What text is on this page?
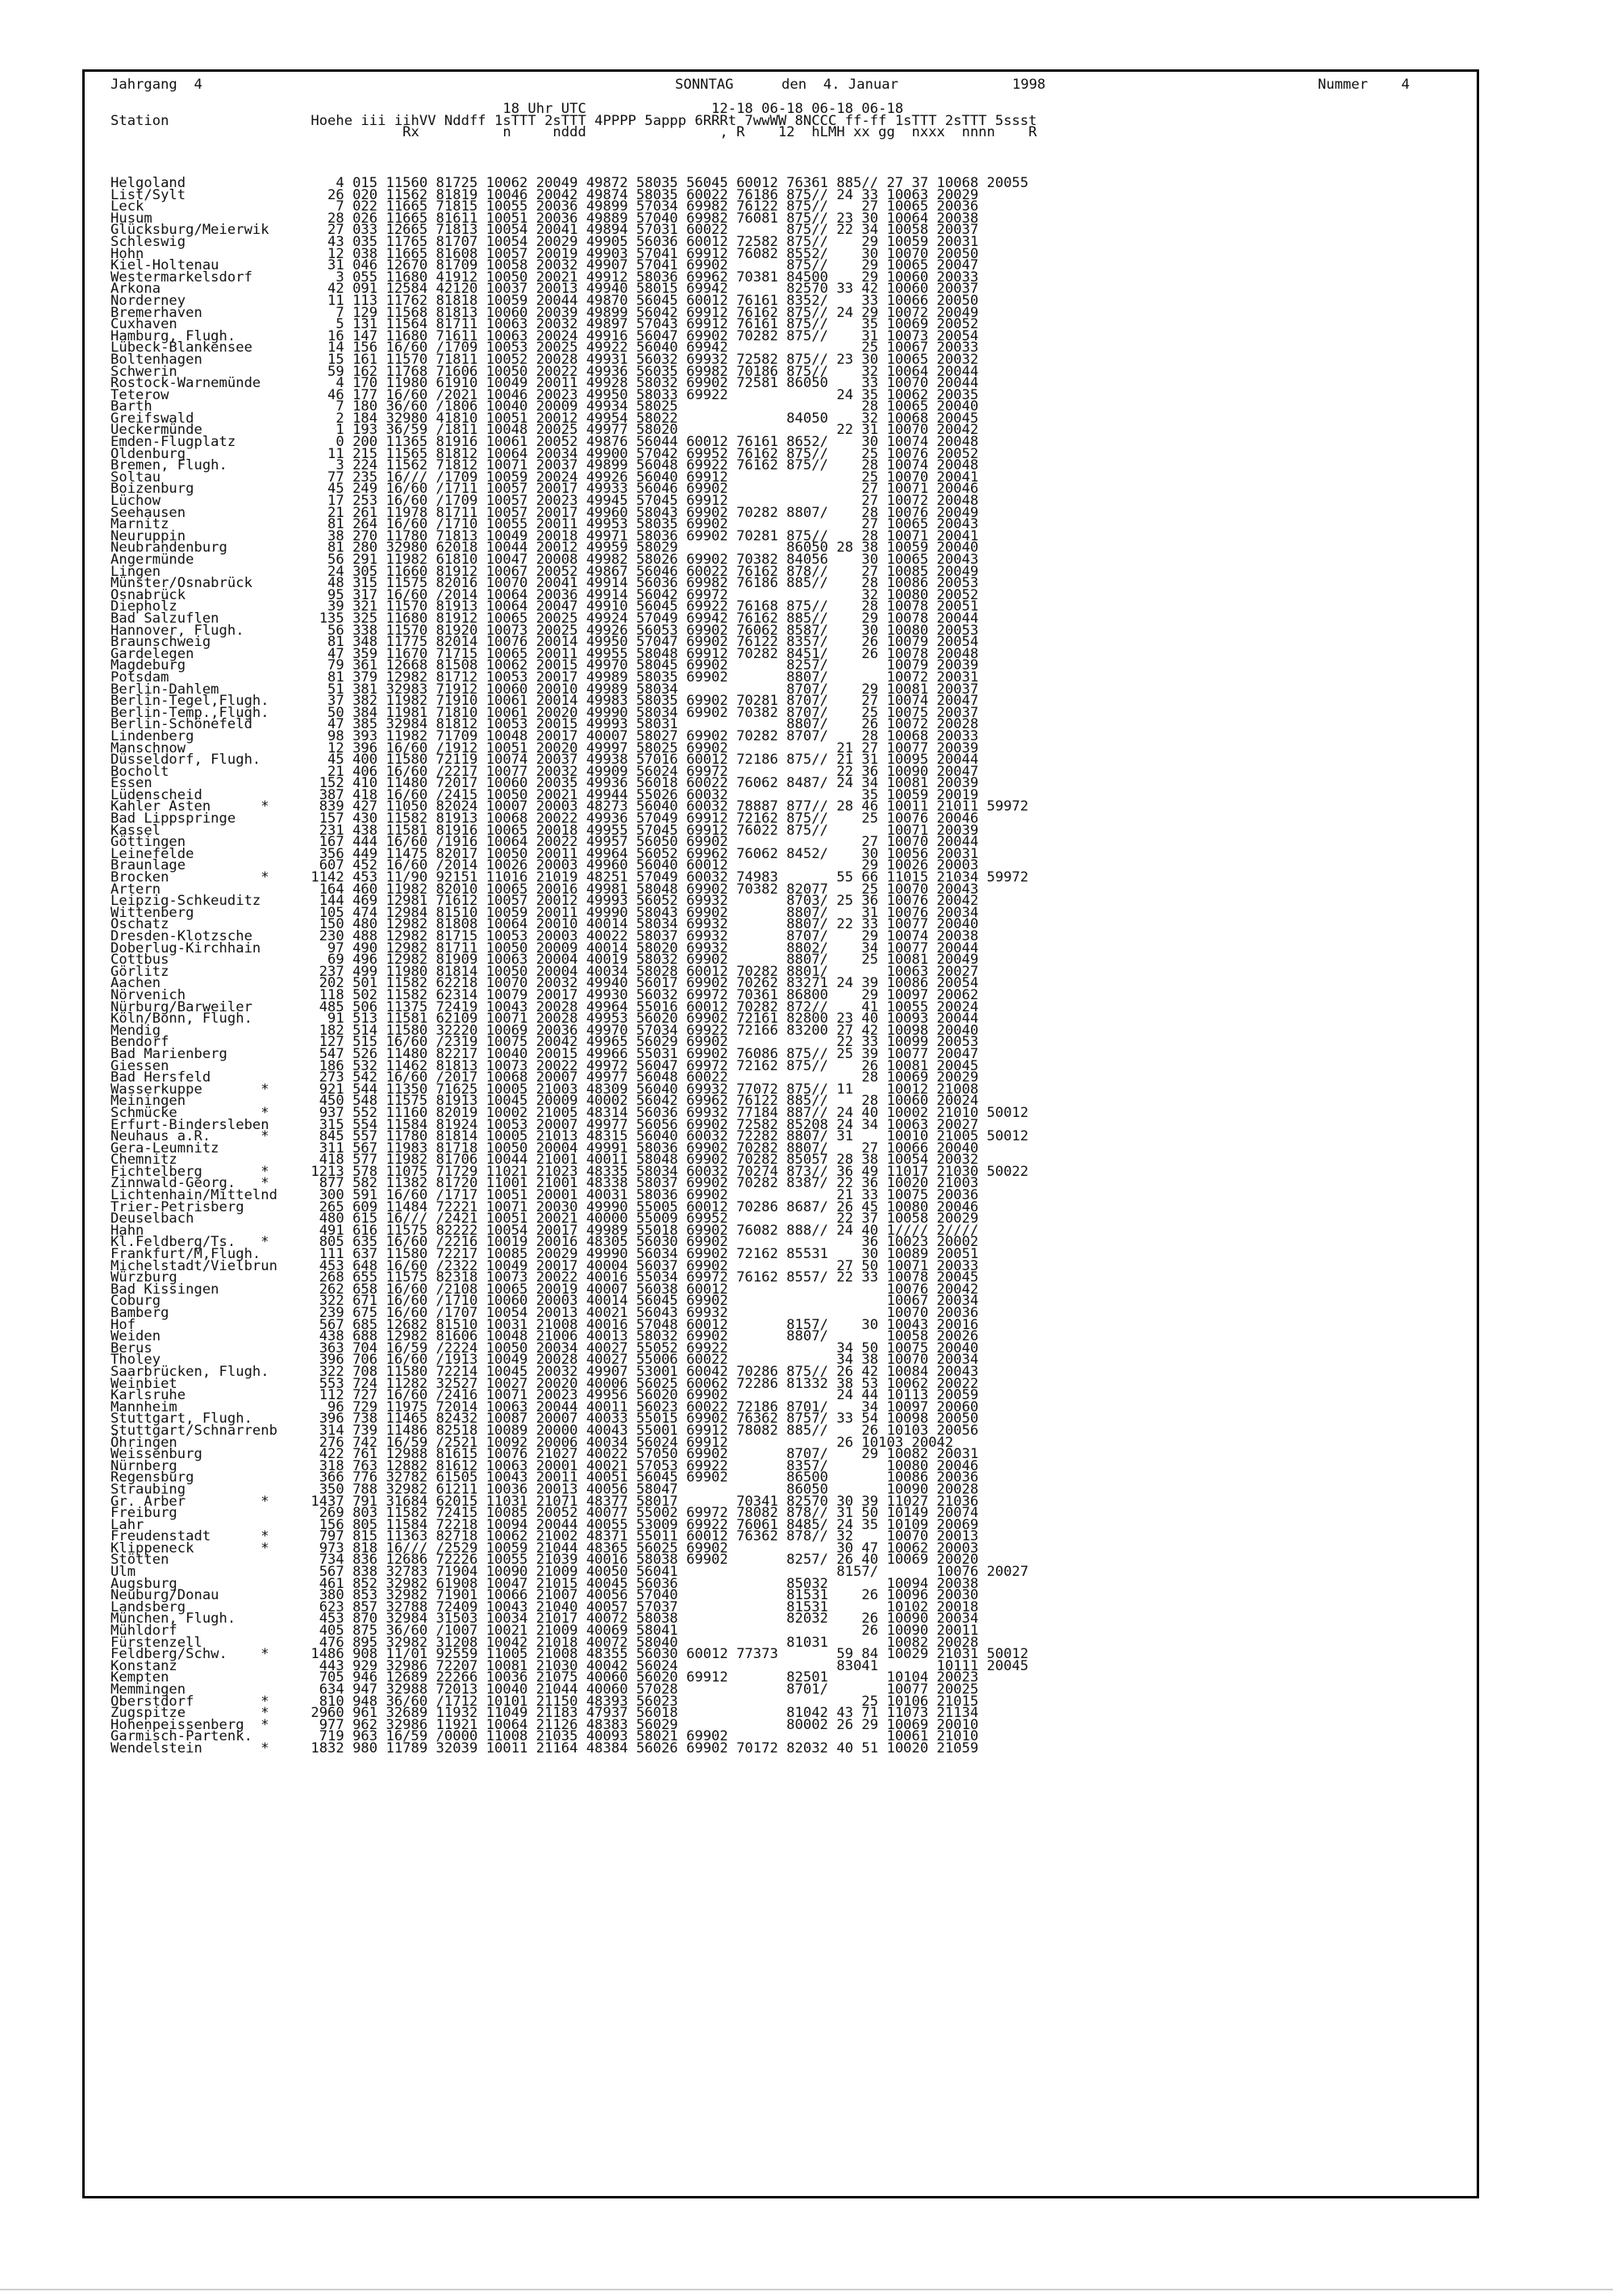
Jahrgang  4	SONNTAG	den  4. Januar	1998	Nummer    4
18 Uhr UTC               12-18 06-18 06-18 06-18
Station                 Hoehe iii iihVV Nddff 1sTTT 2sTTT 4PPPP 5appp 6RRRt 7wwWW 8NCCC ff-ff 1sTTT 2sTTT 5ssst
Rx          n     nddd                , R    12  hLMH xx gg  nxxx  nnnn    R
Helgoland                  4 015 11560 81725 10062 20049 49872 58035 56045 60012 76361 885// 27 37 10068 20055
List/Sylt                 26 020 11562 81819 10046 20042 49874 58035 60022 76186 875// 24 33 10063 20029
Leck                       7 022 11665 71815 10055 20036 49899 57034 69982 76122 875//    27 10065 20036
Husum                     28 026 11665 81611 10051 20036 49889 57040 69982 76081 875// 23 30 10064 20038
Glücksburg/Meierwik       27 033 12665 71813 10054 20041 49894 57031 60022       875// 22 34 10058 20037
Schleswig                 43 035 11765 81707 10054 20029 49905 56036 60012 72582 875//    29 10059 20031
Hohn                      12 038 11665 81608 10057 20019 49903 57041 69912 76082 8552/    30 10070 20050
Kiel-Holtenau             31 046 12670 81709 10058 20032 49907 57041 69902       875//    29 10065 20047
Westermarkelsdorf          3 055 11680 41912 10050 20021 49912 58036 69962 70381 84500    29 10060 20033
Arkona                    42 091 12584 42120 10037 20013 49940 58015 69942       82570 33 42 10060 20037
Norderney                 11 113 11762 81818 10059 20044 49870 56045 60012 76161 8352/    33 10066 20050
Bremerhaven                7 129 11568 81813 10060 20039 49899 56042 69912 76162 875// 24 29 10072 20049
Cuxhaven                   5 131 11564 81711 10063 20032 49897 57043 69912 76161 875//    35 10069 20052
Hamburg, Flugh.           16 147 11680 71611 10063 20024 49916 56047 69902 70282 875//    31 10073 20054
Lübeck-Blankensee         14 156 16/60 /1709 10053 20025 49922 56040 69942                25 10067 20033
Boltenhagen               15 161 11570 71811 10052 20028 49931 56032 69932 72582 875// 23 30 10065 20032
Schwerin                  59 162 11768 71606 10050 20022 49936 56035 69982 70186 875//    32 10064 20044
Rostock-Warnemünde         4 170 11980 61910 10049 20011 49928 58032 69902 72581 86050    33 10070 20044
Teterow                   46 177 16/60 /2021 10046 20023 49950 58033 69922             24 35 10062 20035
Barth                      7 180 36/60 /1806 10040 20009 49934 58025                      28 10065 20040
Greifswald                 2 184 32980 41810 10051 20012 49954 58022             84050    32 10068 20045
Ueckermünde                1 193 36/59 /1811 10048 20025 49977 58020                   22 31 10070 20042
Emden-Flugplatz            0 200 11365 81916 10061 20052 49876 56044 60012 76161 8652/    30 10074 20048
Oldenburg                 11 215 11565 81812 10064 20034 49900 57042 69952 76162 875//    25 10076 20052
Bremen, Flugh.             3 224 11562 71812 10071 20037 49899 56048 69922 76162 875//    28 10074 20048
Soltau                    77 235 16/// /1709 10059 20024 49926 56040 69912                25 10070 20041
Boizenburg                45 249 16/60 /1711 10057 20017 49933 56046 69902                27 10071 20046
Lüchow                    17 253 16/60 /1709 10057 20023 49945 57045 69912                27 10072 20048
Seehausen                 21 261 11978 81711 10057 20017 49960 58043 69902 70282 8807/    28 10076 20049
Marnitz                   81 264 16/60 /1710 10055 20011 49953 58035 69902                27 10065 20043
Neuruppin                 38 270 11780 71813 10049 20018 49971 58036 69902 70281 875//    28 10071 20041
Neubrandenburg            81 280 32980 62018 10044 20012 49959 58029             86050 28 38 10059 20040
Angermünde                56 291 11982 61810 10047 20008 49982 58026 69902 70382 84056    30 10065 20043
Lingen                    24 305 11660 81912 10067 20052 49867 56046 60022 76162 878//    27 10085 20049
Münster/Osnabrück         48 315 11575 82016 10070 20041 49914 56036 69982 76186 885//    28 10086 20053
Osnabrück                 95 317 16/60 /2014 10064 20036 49914 56042 69972                32 10080 20052
Diepholz                  39 321 11570 81913 10064 20047 49910 56045 69922 76168 875//    28 10078 20051
Bad Salzuflen            135 325 11680 81912 10065 20025 49924 57049 69942 76162 885//    29 10078 20044
Hannover, Flugh.          56 338 11570 81920 10073 20025 49926 56053 69902 76062 8587/    30 10080 20053
Braunschweig              81 348 11775 82014 10076 20014 49950 57047 69902 76122 8357/    26 10079 20054
Gardelegen                47 359 11670 71715 10065 20011 49955 58048 69912 70282 8451/    26 10078 20048
Magdeburg                 79 361 12668 81508 10062 20015 49970 58045 69902       8257/       10079 20039
Potsdam                   81 379 12982 81712 10053 20017 49989 58035 69902       8807/       10072 20031
Berlin-Dahlem             51 381 32983 71912 10060 20010 49989 58034             8707/    29 10081 20037
Berlin-Tegel,Flugh.       37 382 11982 71910 10061 20014 49983 58035 69902 70281 8707/    27 10074 20047
Berlin-Temp.,Flugh.       50 384 11981 71810 10061 20020 49990 58034 69902 70382 8707/    25 10075 20037
Berlin-Schönefeld         47 385 32984 81812 10053 20015 49993 58031             8807/    26 10072 20028
Lindenberg                98 393 11982 71709 10048 20017 40007 58027 69902 70282 8707/    28 10068 20033
Manschnow                 12 396 16/60 /1912 10051 20020 49997 58025 69902             21 27 10077 20039
Düsseldorf, Flugh.        45 400 11580 72119 10074 20037 49938 57016 60012 72186 875// 21 31 10095 20044
Bocholt                   21 406 16/60 /2217 10077 20032 49909 56024 69972             22 36 10090 20047
Essen                    152 410 11480 72017 10060 20035 49936 56018 60022 76062 8487/ 24 34 10081 20039
Lüdenscheid              387 418 16/60 /2415 10050 20021 49944 55026 60032                35 10059 20019
Kahler Asten      *      839 427 11050 82024 10007 20003 48273 56040 60032 78887 877// 28 46 10011 21011 59972
Bad Lippspringe          157 430 11582 81913 10068 20022 49936 57049 69912 72162 875//    25 10076 20046
Kassel                   231 438 11581 81916 10065 20018 49955 57045 69912 76022 875//       10071 20039
Göttingen                167 444 16/60 /1916 10064 20022 49957 56050 69902                27 10070 20044
Leinefelde               356 449 11475 82017 10050 20011 49964 56052 69962 76062 8452/    30 10056 20031
Braunlage                607 452 16/60 /2014 10026 20003 49960 56040 60012                29 10026 20003
Brocken           *     1142 453 11/90 92151 11016 21019 48251 57049 60032 74983       55 66 11015 21034 59972
Artern                   164 460 11982 82010 10065 20016 49981 58048 69902 70382 82077    25 10070 20043
Leipzig-Schkeuditz       144 469 12981 71612 10057 20012 49993 56052 69932       8703/ 25 36 10076 20042
Wittenberg               105 474 12984 81510 10059 20011 49990 58043 69902       8807/    31 10076 20034
Oschatz                  150 480 12982 81808 10064 20010 40014 58034 69932       8807/ 22 33 10077 20040
Dresden-Klotzsche        230 488 12982 81715 10053 20003 40022 58037 69932       8707/    29 10074 20038
Doberlug-Kirchhain        97 490 12982 81711 10050 20009 40014 58020 69932       8802/    34 10077 20044
Cottbus                   69 496 12982 81909 10063 20004 40019 58032 69902       8807/    25 10081 20049
Görlitz                  237 499 11980 81814 10050 20004 40034 58028 60012 70282 8801/       10063 20027
Aachen                   202 501 11582 62218 10070 20032 49940 56017 69902 70262 83271 24 39 10086 20054
Nörvenich                118 502 11582 62314 10079 20017 49930 56032 69972 70361 86800    29 10097 20062
Nürburg/Barweiler        485 506 11375 72419 10043 20028 49964 55016 60012 70282 872//    41 10055 20024
Köln/Bonn, Flugh.         91 513 11581 62109 10071 20028 49953 56020 69902 72161 82800 23 40 10093 20044
Mendig                   182 514 11580 32220 10069 20036 49970 57034 69922 72166 83200 27 42 10098 20040
Bendorf                  127 515 16/60 /2319 10075 20042 49965 56029 69902             22 33 10099 20053
Bad Marienberg           547 526 11480 82217 10040 20015 49966 55031 69902 76086 875// 25 39 10077 20047
Giessen                  186 532 11462 81813 10073 20022 49972 56047 69972 72162 875//    26 10081 20045
Bad Hersfeld             273 542 16/60 /2017 10068 20007 49977 56048 60022                28 10069 20029
Wasserkuppe       *      921 544 11350 71625 10005 21003 48309 56040 69932 77072 875// 11    10012 21008
Meiningen                450 548 11575 81913 10045 20009 40002 56042 69962 76122 885//    28 10060 20024
Schmücke          *      937 552 11160 82019 10002 21005 48314 56036 69932 77184 887// 24 40 10002 21010 50012
Erfurt-Bindersleben      315 554 11584 81924 10053 20007 49977 56056 69902 72582 85208 24 34 10063 20027
Neuhaus a.R.      *      845 557 11780 81814 10005 21013 48315 56040 60032 72282 8807/ 31    10010 21005 50012
Gera-Leumnitz            311 567 11983 81718 10050 20004 49991 58036 69902 70282 8807/    27 10066 20040
Chemnitz                 418 577 11982 81706 10044 21001 40011 58048 69902 70282 85057 28 38 10054 20032
Fichtelberg       *     1213 578 11075 71729 11021 21023 48335 58034 60032 70274 873// 36 49 11017 21030 50022
Zinnwald-Georg.   *      877 582 11382 81720 11001 21001 48338 58037 69902 70282 8387/ 22 36 10020 21003
Lichtenhain/Mittelnd     300 591 16/60 /1717 10051 20001 40031 58036 69902             21 33 10075 20036
Trier-Petrisberg         265 609 11484 72221 10071 20030 49990 55005 60012 70286 8687/ 26 45 10080 20046
Deuselbach               480 615 16/// /2421 10051 20021 40000 55009 69952             22 37 10058 20029
Hahn                     491 616 11575 82222 10054 20017 49989 55018 69902 76082 888// 24 40 1//// 2////
Kl.Feldberg/Ts.   *      805 635 16/60 /2216 10019 20016 48305 56030 69902                36 10023 20002
Frankfurt/M,Flugh.       111 637 11580 72217 10085 20029 49990 56034 69902 72162 85531    30 10089 20051
Michelstadt/Vielbrun     453 648 16/60 /2322 10049 20017 40004 56037 69902             27 50 10071 20033
Würzburg                 268 655 11575 82318 10073 20022 40016 55034 69972 76162 8557/ 22 33 10078 20045
Bad Kissingen            262 658 16/60 /2108 10065 20019 40007 56038 60012                   10076 20042
Coburg                   322 671 16/60 /1710 10060 20003 40014 56045 69902                   10067 20034
Bamberg                  239 675 16/60 /1707 10054 20013 40021 56043 69932                   10070 20036
Hof                      567 685 12682 81510 10031 21008 40016 57048 60012       8157/    30 10043 20016
Weiden                   438 688 12982 81606 10048 21006 40013 58032 69902       8807/       10058 20026
Berus                    363 704 16/59 /2224 10050 20034 40027 55052 69922             34 50 10075 20040
Tholey                   396 706 16/60 /1913 10049 20028 40027 55006 60022             34 38 10070 20034
Saarbrücken, Flugh.      322 708 11580 72214 10045 20032 49907 53001 60042 70286 875// 26 42 10084 20043
Weinbiet                 553 724 11282 32527 10027 20020 40006 56025 60062 72286 81332 38 53 10062 20022
Karlsruhe                112 727 16/60 /2416 10071 20023 49956 56020 69902             24 44 10113 20059
Mannheim                  96 729 11975 72014 10063 20044 40011 56023 60022 72186 8701/    34 10097 20060
Stuttgart, Flugh.        396 738 11465 82432 10087 20007 40033 55015 69902 76362 8757/ 33 54 10098 20050
Stuttgart/Schnarrenb     314 739 11486 82518 10089 20000 40043 55001 69912 78082 885//    26 10103 20056
Öhringen                 276 742 16/59 /2521 10092 20006 40034 56024 69912             26 10103 20042
Weissenburg              422 761 12988 81615 10076 21027 40022 57050 69902       8707/    29 10082 20031
Nürnberg                 318 763 12882 81612 10063 20001 40021 57053 69922       8357/       10080 20046
Regensburg               366 776 32782 61505 10043 20011 40051 56045 69902       86500       10086 20036
Straubing                350 788 32982 61211 10036 20013 40056 58047             86050       10090 20028
Gr. Arber         *     1437 791 31684 62015 11031 21071 48377 58017       70341 82570 30 39 11027 21036
Freiburg                 269 803 11582 72415 10085 20052 40077 55002 69972 78082 878// 31 50 10149 20074
Lahr                     156 805 11584 72218 10094 20044 40055 53009 69922 76061 8485/ 24 35 10109 20069
Freudenstadt      *      797 815 11363 82718 10062 21002 48371 55011 60012 76362 878// 32    10070 20013
Klippeneck        *      973 818 16/// /2529 10059 21044 48365 56025 69902             30 47 10062 20003
Stötten                  734 836 12686 72226 10055 21039 40016 58038 69902       8257/ 26 40 10069 20020
Ulm                      567 838 32783 71904 10090 21009 40050 56041                   8157/       10076 20027
Augsburg                 461 852 32982 61908 10047 21015 40045 56036             85032       10094 20038
Neuburg/Donau            380 853 32982 71901 10066 21007 40056 57040             81531    26 10096 20030
Landsberg                623 857 32788 72409 10043 21040 40057 57037             81531       10102 20018
München, Flugh.          453 870 32984 31503 10034 21017 40072 58038             82032    26 10090 20034
Mühldorf                 405 875 36/60 /1007 10021 21009 40069 58041                      26 10090 20011
Fürstenzell              476 895 32982 31208 10042 21018 40072 58040             81031       10082 20028
Feldberg/Schw.    *     1486 908 11/01 92559 11005 21008 48355 56030 60012 77373       59 84 10029 21031 50012
Konstanz                 443 929 32986 72207 10081 21030 40042 56024                   83041       10111 20045
Kempten                  705 946 12689 22266 10036 21075 40060 56020 69912       82501       10104 20023
Memmingen                634 947 32988 72013 10040 21044 40060 57028             8701/       10077 20025
Oberstdorf        *      810 948 36/60 /1712 10101 21150 48393 56023                      25 10106 21015
Zugspitze         *     2960 961 32689 11932 11049 21183 47937 56018             81042 43 71 11073 21134
Hohenpeissenberg  *      977 962 32986 11921 10064 21126 48383 56029             80002 26 29 10069 20010
Garmisch-Partenk.        719 963 16/59 /0000 11008 21035 40093 58021 69902                   10061 21010
Wendelstein       *     1832 980 11789 32039 10011 21164 48384 56026 69902 70172 82032 40 51 10020 21059
